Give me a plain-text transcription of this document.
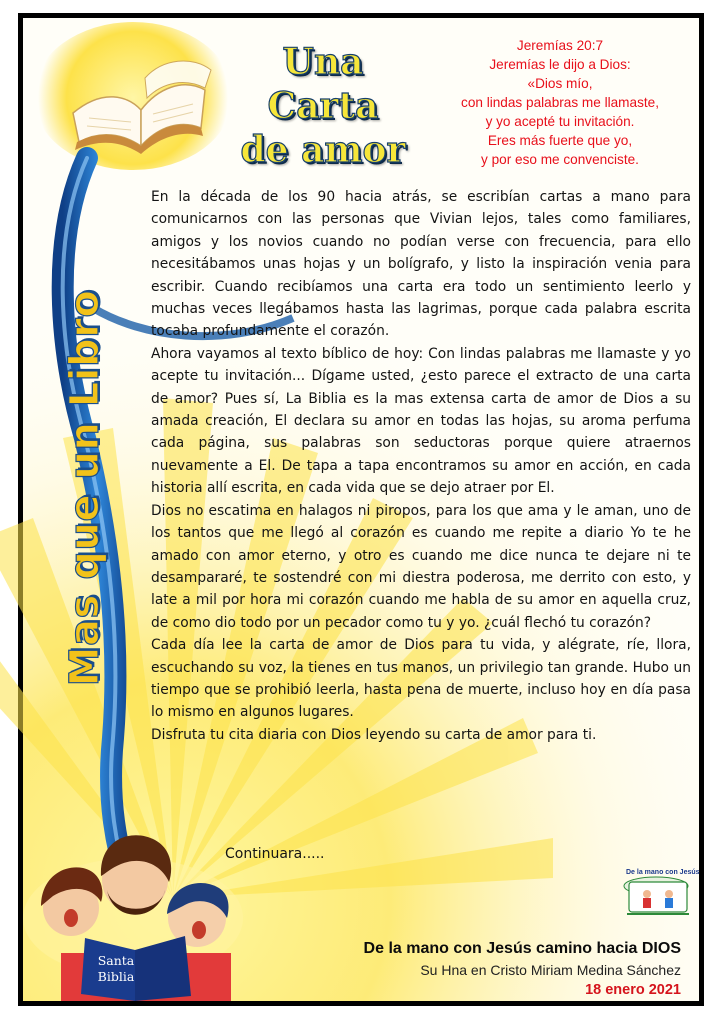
Una Carta
de amor
Jeremías 20:7
Jeremías le dijo a Dios:
«Dios mío,
con lindas palabras me llamaste,
y yo acepté tu invitación.
Eres más fuerte que yo,
y por eso me convenciste.
Mas que un Libro

En la década de los 90 hacia atrás, se escribían cartas a mano para comunicarnos con las personas que Vivian lejos, tales como familiares, amigos y los novios cuando no podían verse con frecuencia, para ello necesitábamos unas hojas y un bolígrafo, y listo la inspiración venia para escribir. Cuando recibíamos una carta era todo un sentimiento leerlo y muchas veces llegábamos hasta las lagrimas, porque cada palabra escrita tocaba profundamente el corazón.

Ahora vayamos al texto bíblico de hoy: Con lindas palabras me llamaste y yo acepte tu invitación... Dígame usted, ¿esto parece el extracto de una carta de amor? Pues sí, La Biblia es la mas extensa carta de amor de Dios a su amada creación, El declara su amor en todas las hojas, su aroma perfuma cada página, sus palabras son seductoras porque quiere atraernos nuevamente a El. De tapa a tapa encontramos su amor en acción, en cada historia allí escrita, en cada vida que se dejo atraer por El.

Dios no escatima en halagos ni piropos, para los que ama y le aman, uno de los tantos que me llegó al corazón es cuando me repite a diario Yo te he amado con amor eterno, y otro es cuando me dice nunca te dejare ni te desampararé, te sostendré con mi diestra poderosa, me derrito con esto, y late a mil por hora mi corazón cuando me habla de su amor en aquella cruz, de como dio todo por un pecador como tu y yo. ¿cuál flechó tu corazón?

Cada día lee la carta de amor de Dios para tu vida, y alégrate, ríe, llora, escuchando su voz, la tienes en tus manos, un privilegio tan grande. Hubo un tiempo que se prohibió leerla, hasta pena de muerte, incluso hoy en día pasa lo mismo en algunos lugares.

Disfruta tu cita diaria con Dios leyendo su carta de amor para ti.

Continuara.....
Santa
Biblia
De la mano con Jesús
De la mano con Jesús camino hacia DIOS
Su Hna en Cristo Miriam Medina Sánchez
18 enero 2021
